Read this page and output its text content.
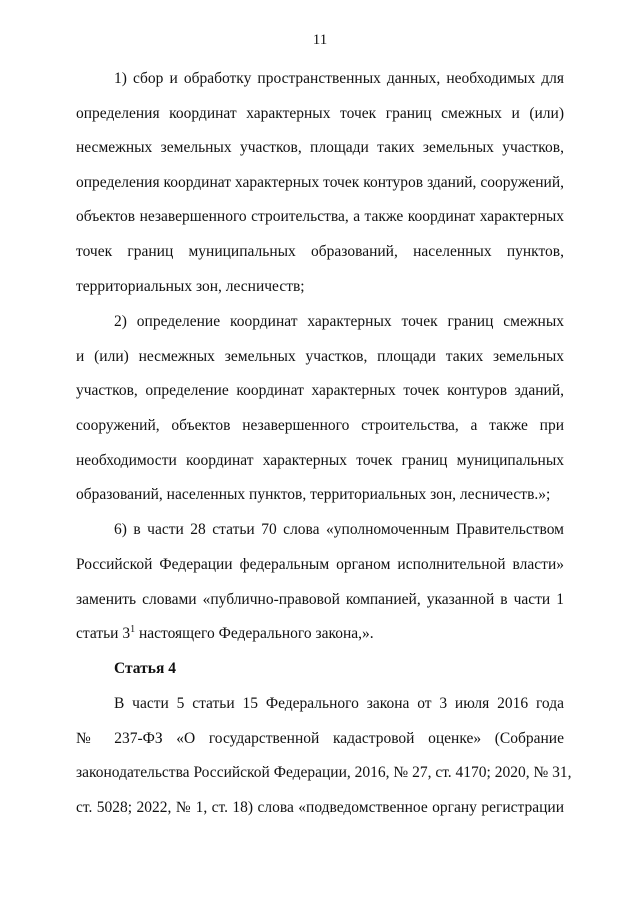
11
1) сбор и обработку пространственных данных, необходимых для
определения координат характерных точек границ смежных и (или)
несмежных земельных участков, площади таких земельных участков,
определения координат характерных точек контуров зданий, сооружений,
объектов незавершенного строительства, а также координат характерных
точек границ муниципальных образований, населенных пунктов,
территориальных зон, лесничеств;
2) определение координат характерных точек границ смежных
и (или) несмежных земельных участков, площади таких земельных
участков, определение координат характерных точек контуров зданий,
сооружений, объектов незавершенного строительства, а также при
необходимости координат характерных точек границ муниципальных
образований, населенных пунктов, территориальных зон, лесничеств.»;
6) в части 28 статьи 70 слова «уполномоченным Правительством
Российской Федерации федеральным органом исполнительной власти»
заменить словами «публично-правовой компанией, указанной в части 1
статьи $3^1$ настоящего Федерального закона,».
Статья 4
В части 5 статьи 15 Федерального закона от 3 июля 2016 года
№ 237-ФЗ «О государственной кадастровой оценке» (Собрание
законодательства Российской Федерации, 2016, № 27, ст. 4170; 2020, № 31,
ст. 5028; 2022, № 1, ст. 18) слова «подведомственное органу регистрации
